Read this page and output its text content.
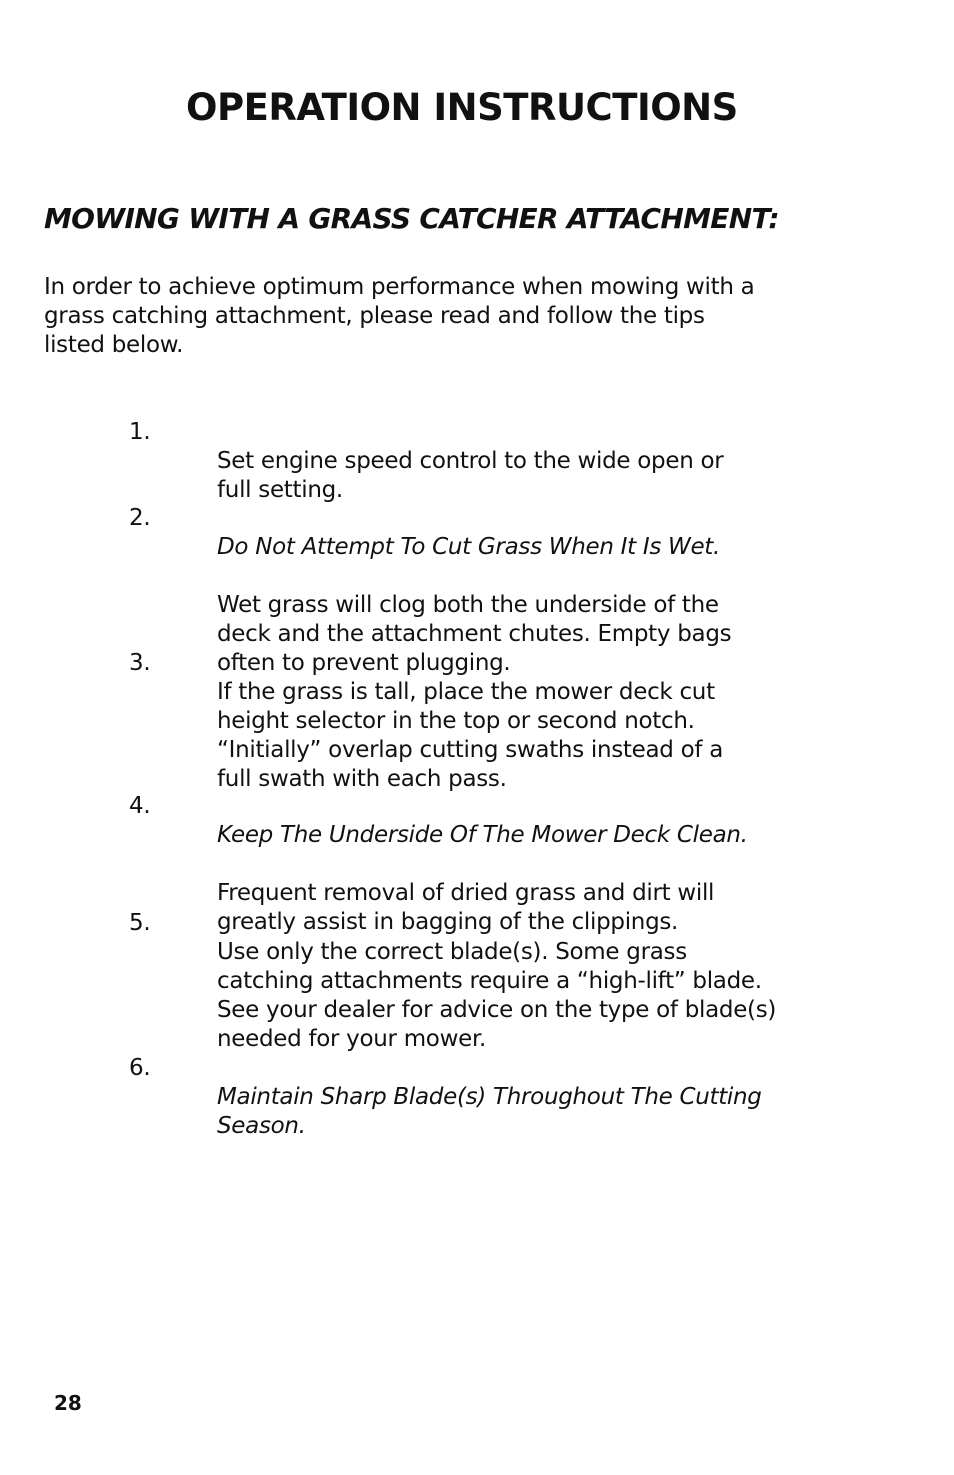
OPERATION INSTRUCTIONS
MOWING WITH A GRASS CATCHER ATTACHMENT:

In order to achieve optimum performance when mowing with a
grass catching attachment, please read and follow the tips
listed below.

1.

Set engine speed control to the wide open or
full setting.

2.

Do Not Attempt To Cut Grass When It Is Wet.

Wet grass will clog both the underside of the
deck and the attachment chutes. Empty bags
often to prevent plugging.

3.

If the grass is tall, place the mower deck cut
height selector in the top or second notch.
“Initially” overlap cutting swaths instead of a
full swath with each pass.

4.

Keep The Underside Of The Mower Deck Clean.

Frequent removal of dried grass and dirt will
greatly assist in bagging of the clippings.

5.

Use only the correct blade(s). Some grass
catching attachments require a “high-lift” blade.
See your dealer for advice on the type of blade(s)
needed for your mower.

6.

Maintain Sharp Blade(s) Throughout The Cutting
Season.

28
